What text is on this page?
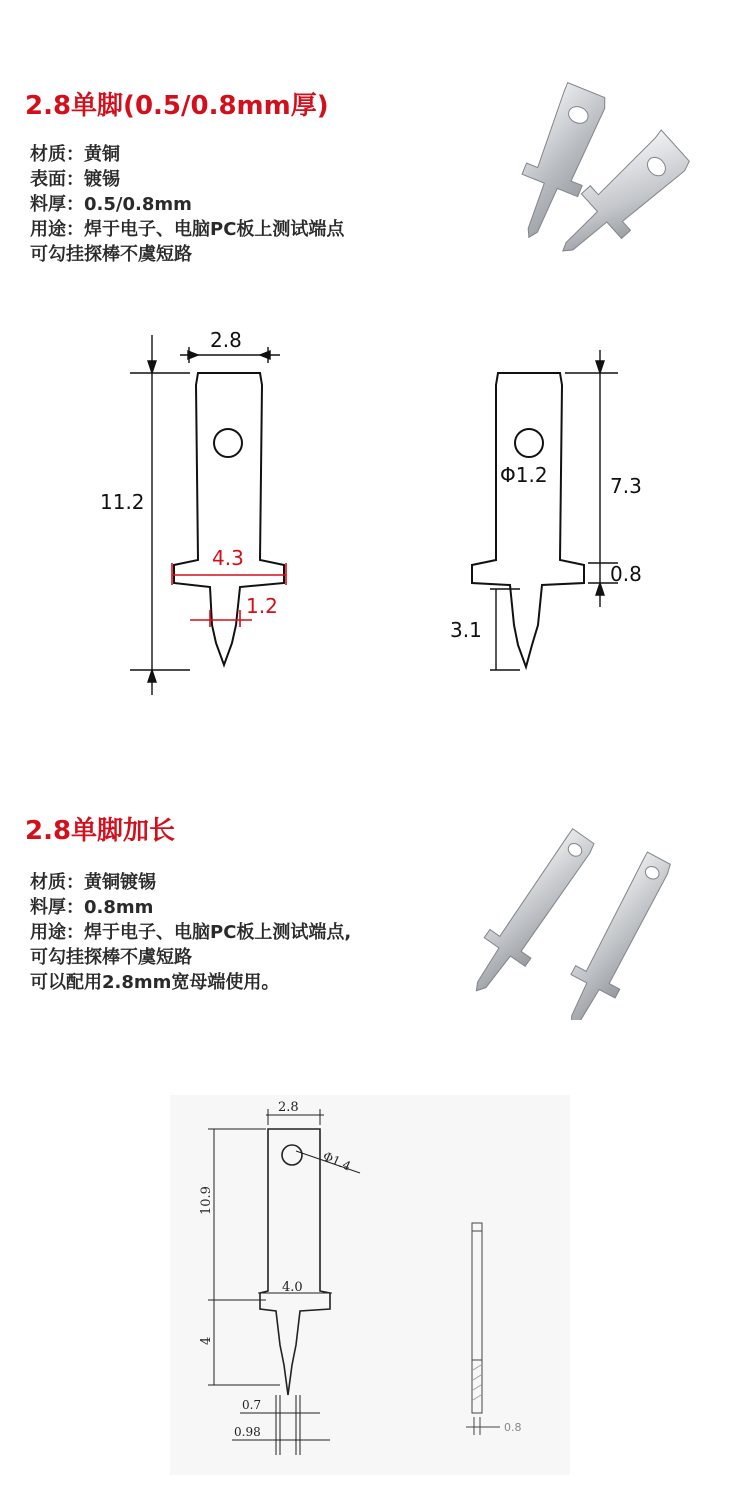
2.8单脚(0.5/0.8mm厚)
材质：黄铜
表面：镀锡
料厚：0.5/0.8mm
用途：焊于电子、电脑PC板上测试端点
可勾挂探棒不虞短路
2.8
11.2
4.3
1.2
Φ1.2	7.3
0.8
3.1
2.8单脚加长
材质：黄铜镀锡
料厚：0.8mm
用途：焊于电子、电脑PC板上测试端点,
可勾挂探棒不虞短路
可以配用2.8mm宽母端使用。
2.8
Φ1.4
10.9
4.0
4
0.7
0.98	0.8
